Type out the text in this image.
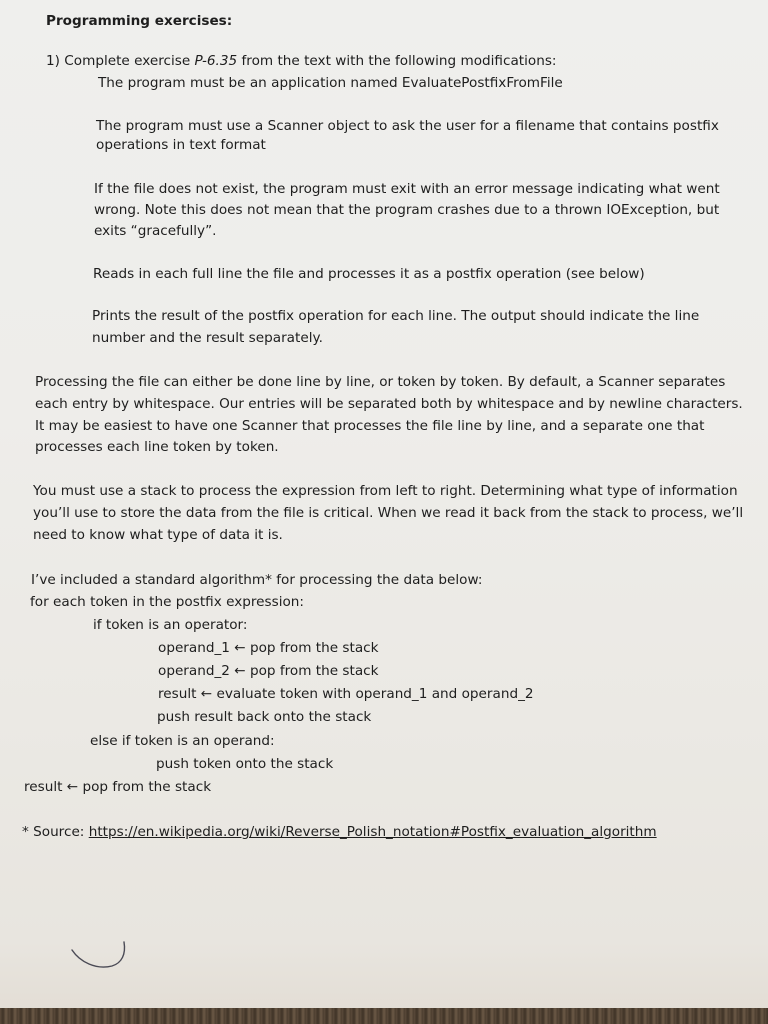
Programming exercises:
1) Complete exercise P-6.35 from the text with the following modifications:
The program must be an application named EvaluatePostfixFromFile
The program must use a Scanner object to ask the user for a filename that contains postfix
operations in text format
If the file does not exist, the program must exit with an error message indicating what went
wrong. Note this does not mean that the program crashes due to a thrown IOException, but
exits “gracefully”.
Reads in each full line the file and processes it as a postfix operation (see below)
Prints the result of the postfix operation for each line. The output should indicate the line
number and the result separately.
Processing the file can either be done line by line, or token by token. By default, a Scanner separates
each entry by whitespace. Our entries will be separated both by whitespace and by newline characters.
It may be easiest to have one Scanner that processes the file line by line, and a separate one that
processes each line token by token.
You must use a stack to process the expression from left to right. Determining what type of information
you’ll use to store the data from the file is critical. When we read it back from the stack to process, we’ll
need to know what type of data it is.
I’ve included a standard algorithm* for processing the data below:
for each token in the postfix expression:
if token is an operator:
operand_1 ← pop from the stack
operand_2 ← pop from the stack
result ← evaluate token with operand_1 and operand_2
push result back onto the stack
else if token is an operand:
push token onto the stack
result ← pop from the stack
* Source: https://en.wikipedia.org/wiki/Reverse_Polish_notation#Postfix_evaluation_algorithm
